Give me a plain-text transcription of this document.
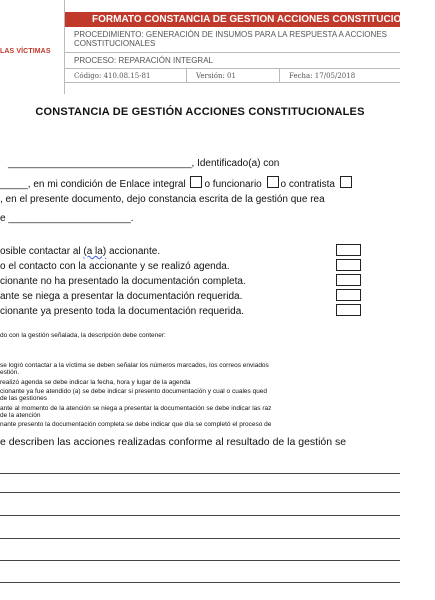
LAS VÍCTIMAS
FORMATO CONSTANCIA DE GESTION ACCIONES CONSTITUCIONALES
PROCEDIMIENTO: GENERACIÓN DE INSUMOS PARA LA RESPUESTA A ACCIONES CONSTITUCIONALES
PROCESO: REPARACIÓN INTEGRAL
Código: 410.08.15-81	Versión: 01	Fecha: 17/05/2018
CONSTANCIA DE GESTIÓN ACCIONES CONSTITUCIONALES
_________________________________, Identificado(a) con
_____, en mi condición de Enlace integral o funcionario o contratista
, en el presente documento, dejo constancia escrita de la gestión que rea
e ______________________.
osible contactar al (a la) accionante.
o el contacto con la accionante y se realizó agenda.
cionante no ha presentado la documentación completa.
ante se niega a presentar la documentación requerida.
cionante ya presento toda la documentación requerida.
do con la gestión señalada, la descripción debe contener:
se logró contactar a la víctima se deben señalar los números marcados, los correos enviados
estión.
realizó agenda se debe indicar la fecha, hora y lugar de la agenda
cionante ya fue atendido (a) se debe indicar si presento documentación y cual o cuales qued
de las gestiones
ante al momento de la atención se niega a presentar la documentación se debe indicar las raz
de la atención
nante presento la documentación completa se debe indicar que día se completó el proceso de
e describen las acciones realizadas conforme al resultado de la gestión se
